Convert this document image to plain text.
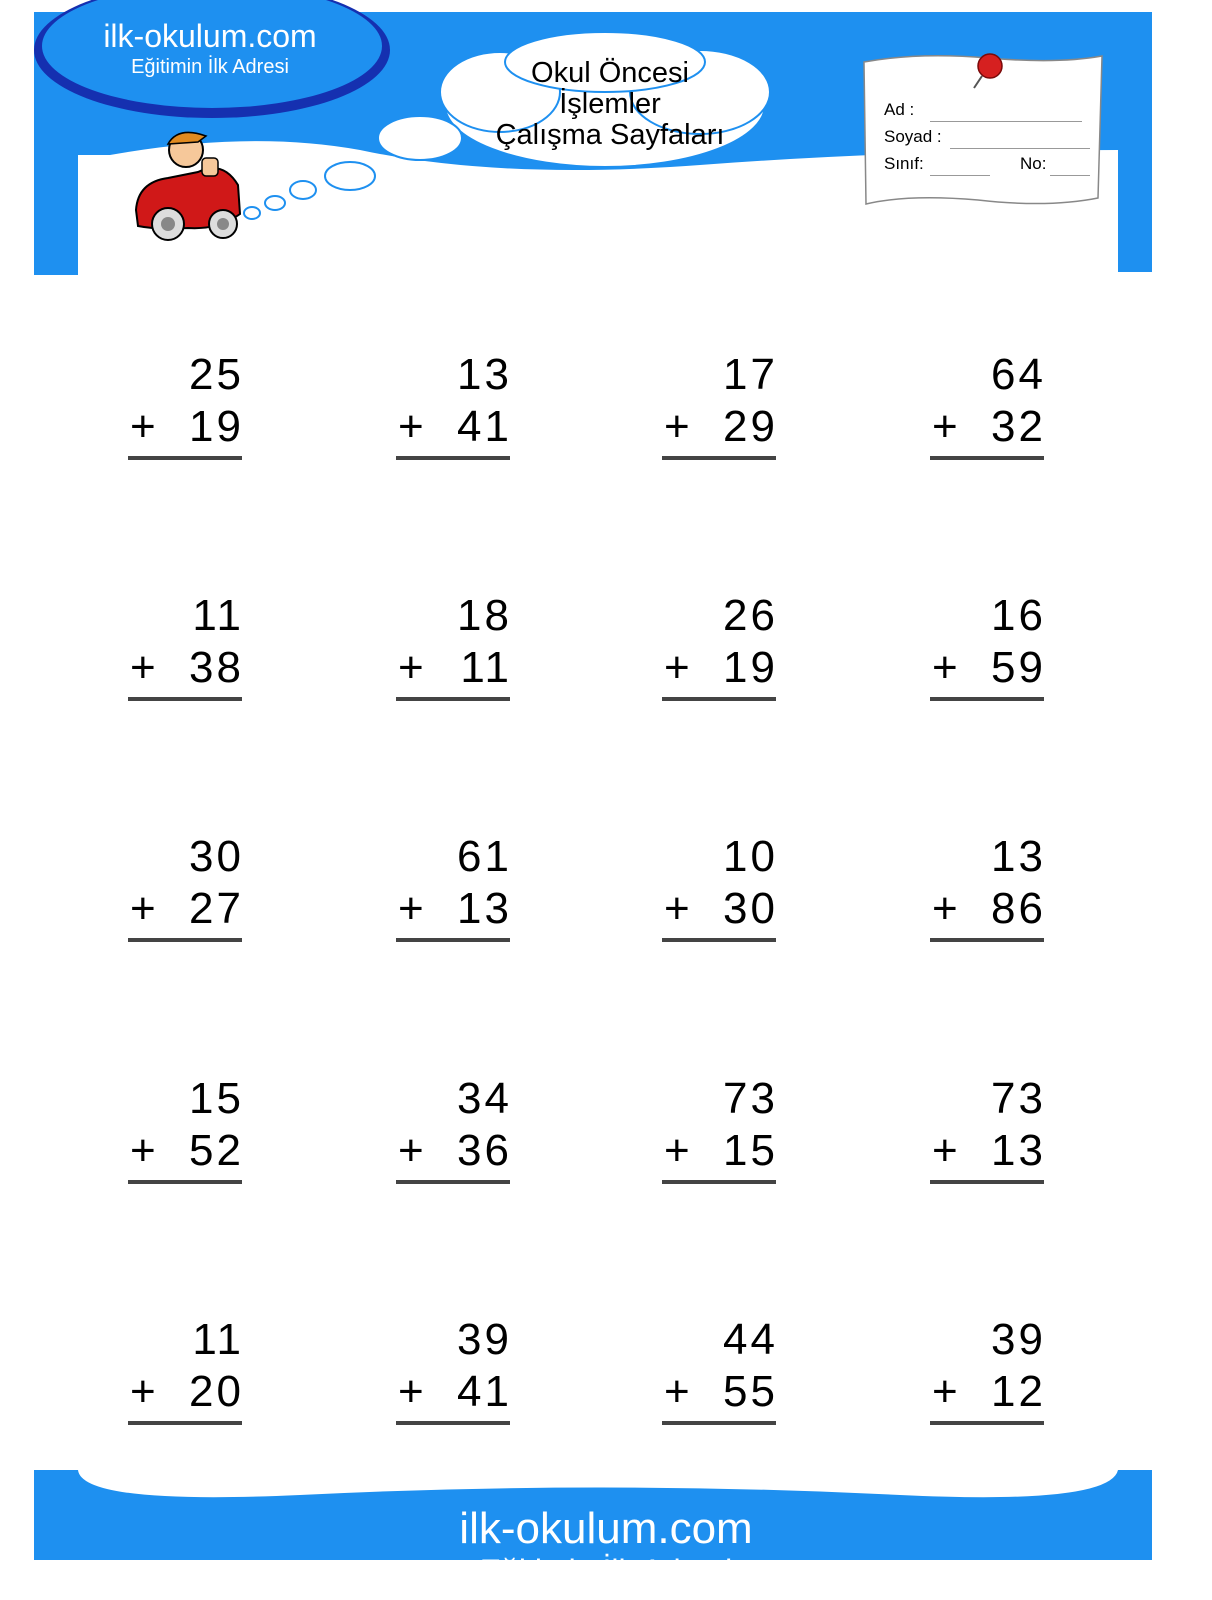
ilk-okulum.com
Eğitimin İlk Adresi	Okul Öncesi
İşlemler
Çalışma Sayfaları
Ad :
Soyad :
Sınıf:	No:
25
+ 19
13
+ 41
17
+ 29
64
+ 32
11
+ 38
18
+ 11
26
+ 19
16
+ 59
30
+ 27
61
+ 13
10
+ 30
13
+ 86
15
+ 52
34
+ 36
73
+ 15
73
+ 13
11
+ 20
39
+ 41
44
+ 55
39
+ 12
ilk-okulum.com
Eğitimin İlk Adresi
